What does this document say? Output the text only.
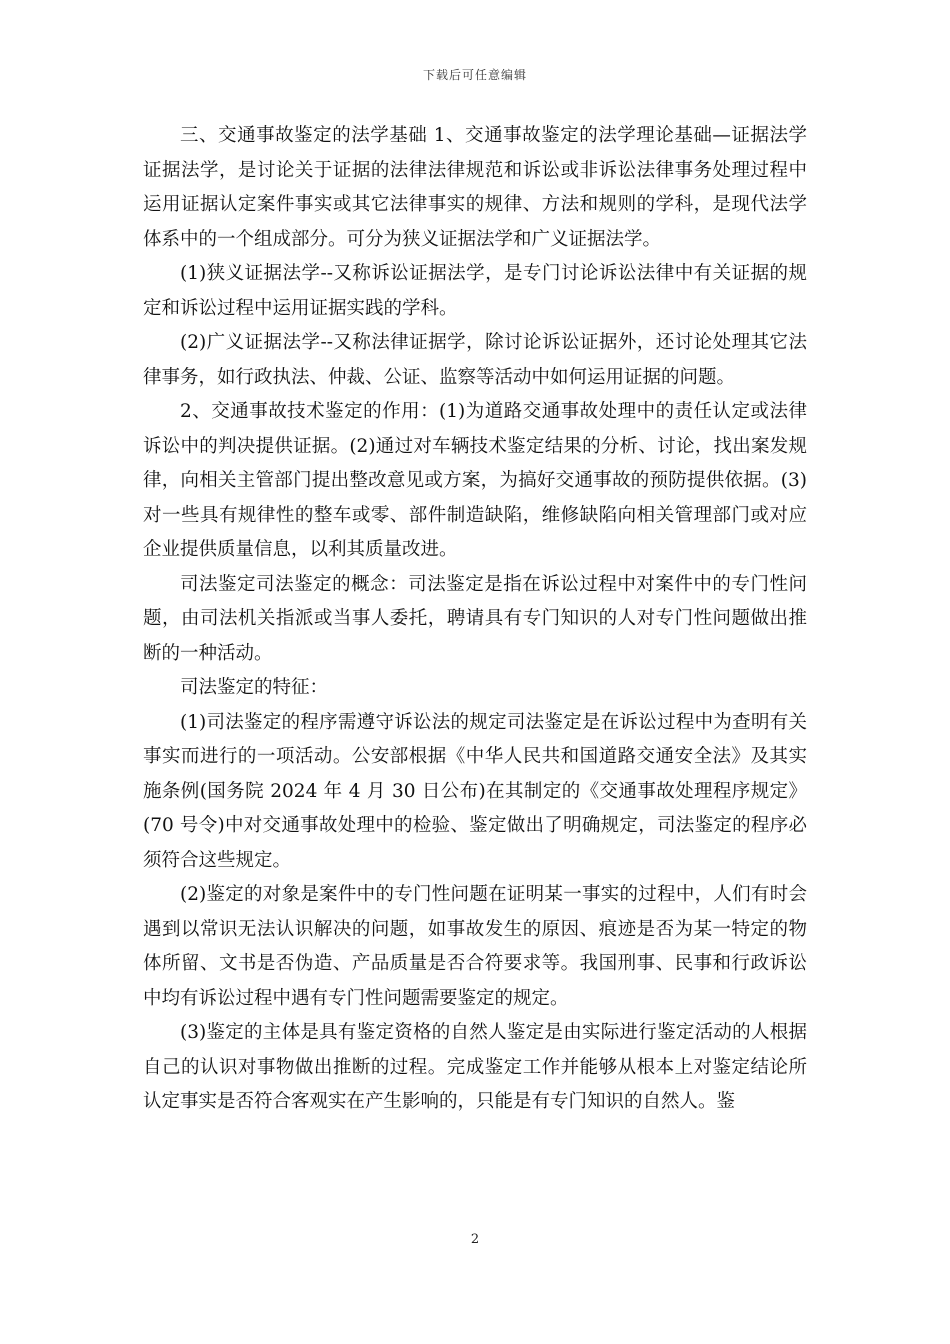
下载后可任意编辑

三、交通事故鉴定的法学基础 1、交通事故鉴定的法学理论基础—证据法学证据法学，是讨论关于证据的法律法律规范和诉讼或非诉讼法律事务处理过程中运用证据认定案件事实或其它法律事实的规律、方法和规则的学科，是现代法学体系中的一个组成部分。可分为狭义证据法学和广义证据法学。

(1)狭义证据法学--又称诉讼证据法学，是专门讨论诉讼法律中有关证据的规定和诉讼过程中运用证据实践的学科。

(2)广义证据法学--又称法律证据学，除讨论诉讼证据外，还讨论处理其它法律事务，如行政执法、仲裁、公证、监察等活动中如何运用证据的问题。

2、交通事故技术鉴定的作用：(1)为道路交通事故处理中的责任认定或法律诉讼中的判决提供证据。(2)通过对车辆技术鉴定结果的分析、讨论，找出案发规律，向相关主管部门提出整改意见或方案，为搞好交通事故的预防提供依据。(3)对一些具有规律性的整车或零、部件制造缺陷，维修缺陷向相关管理部门或对应企业提供质量信息，以利其质量改进。

司法鉴定司法鉴定的概念：司法鉴定是指在诉讼过程中对案件中的专门性问题，由司法机关指派或当事人委托，聘请具有专门知识的人对专门性问题做出推断的一种活动。

司法鉴定的特征：

(1)司法鉴定的程序需遵守诉讼法的规定司法鉴定是在诉讼过程中为查明有关事实而进行的一项活动。公安部根据《中华人民共和国道路交通安全法》及其实施条例(国务院 2024 年 4 月 30 日公布)在其制定的《交通事故处理程序规定》(70 号令)中对交通事故处理中的检验、鉴定做出了明确规定，司法鉴定的程序必须符合这些规定。

(2)鉴定的对象是案件中的专门性问题在证明某一事实的过程中，人们有时会遇到以常识无法认识解决的问题，如事故发生的原因、痕迹是否为某一特定的物体所留、文书是否伪造、产品质量是否合符要求等。我国刑事、民事和行政诉讼中均有诉讼过程中遇有专门性问题需要鉴定的规定。

(3)鉴定的主体是具有鉴定资格的自然人鉴定是由实际进行鉴定活动的人根据自己的认识对事物做出推断的过程。完成鉴定工作并能够从根本上对鉴定结论所认定事实是否符合客观实在产生影响的，只能是有专门知识的自然人。鉴

2
